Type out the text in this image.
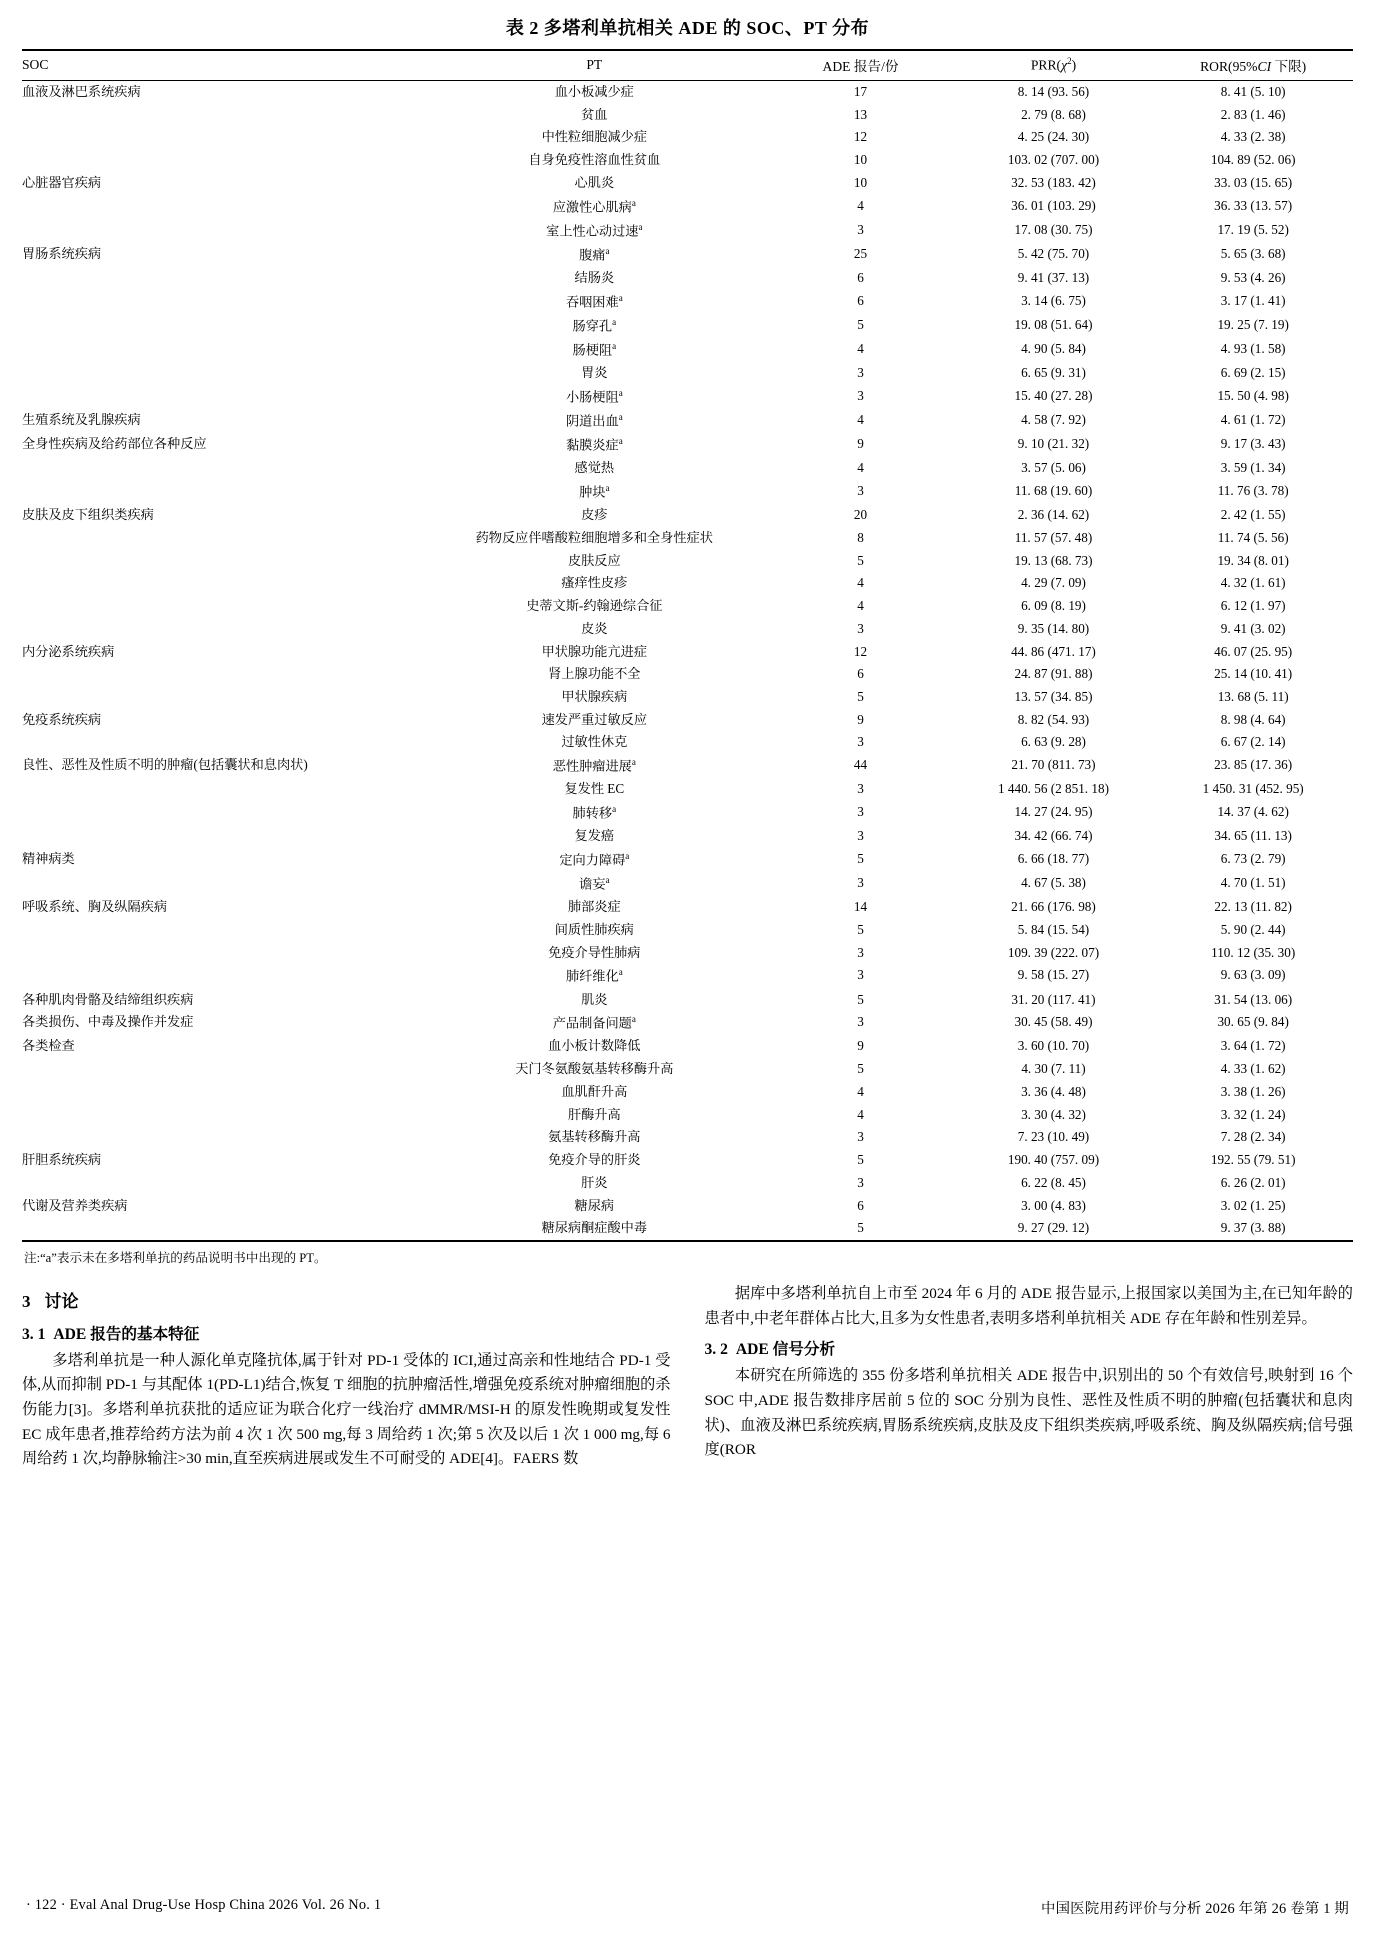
表 2 多塔利单抗相关 ADE 的 SOC、PT 分布
SOC	PT	ADE 报告/份	$PRR(\chi^2)$	ROR(95%CI 下限)
血液及淋巴系统疾病	血小板减少症	17	8. 14 (93. 56)	8. 41 (5. 10)
	贫血	13	2. 79 (8. 68)	2. 83 (1. 46)
	中性粒细胞减少症	12	4. 25 (24. 30)	4. 33 (2. 38)
	自身免疫性溶血性贫血	10	103. 02 (707. 00)	104. 89 (52. 06)
心脏器官疾病	心肌炎	10	32. 53 (183. 42)	33. 03 (15. 65)
	应激性心肌病$^a$	4	36. 01 (103. 29)	36. 33 (13. 57)
	室上性心动过速$^a$	3	17. 08 (30. 75)	17. 19 (5. 52)
胃肠系统疾病	腹痛$^a$	25	5. 42 (75. 70)	5. 65 (3. 68)
	结肠炎	6	9. 41 (37. 13)	9. 53 (4. 26)
	吞咽困难$^a$	6	3. 14 (6. 75)	3. 17 (1. 41)
	肠穿孔$^a$	5	19. 08 (51. 64)	19. 25 (7. 19)
	肠梗阻$^a$	4	4. 90 (5. 84)	4. 93 (1. 58)
	胃炎	3	6. 65 (9. 31)	6. 69 (2. 15)
	小肠梗阻$^a$	3	15. 40 (27. 28)	15. 50 (4. 98)
生殖系统及乳腺疾病	阴道出血$^a$	4	4. 58 (7. 92)	4. 61 (1. 72)
全身性疾病及给药部位各种反应	黏膜炎症$^a$	9	9. 10 (21. 32)	9. 17 (3. 43)
	感觉热	4	3. 57 (5. 06)	3. 59 (1. 34)
	肿块$^a$	3	11. 68 (19. 60)	11. 76 (3. 78)
皮肤及皮下组织类疾病	皮疹	20	2. 36 (14. 62)	2. 42 (1. 55)
	药物反应伴嗜酸粒细胞增多和全身性症状	8	11. 57 (57. 48)	11. 74 (5. 56)
	皮肤反应	5	19. 13 (68. 73)	19. 34 (8. 01)
	瘙痒性皮疹	4	4. 29 (7. 09)	4. 32 (1. 61)
	史蒂文斯-约翰逊综合征	4	6. 09 (8. 19)	6. 12 (1. 97)
	皮炎	3	9. 35 (14. 80)	9. 41 (3. 02)
内分泌系统疾病	甲状腺功能亢进症	12	44. 86 (471. 17)	46. 07 (25. 95)
	肾上腺功能不全	6	24. 87 (91. 88)	25. 14 (10. 41)
	甲状腺疾病	5	13. 57 (34. 85)	13. 68 (5. 11)
免疫系统疾病	速发严重过敏反应	9	8. 82 (54. 93)	8. 98 (4. 64)
	过敏性休克	3	6. 63 (9. 28)	6. 67 (2. 14)
良性、恶性及性质不明的肿瘤(包括囊状和息肉状)	恶性肿瘤进展$^a$	44	21. 70 (811. 73)	23. 85 (17. 36)
	复发性 EC	3	1 440. 56 (2 851. 18)	1 450. 31 (452. 95)
	肺转移$^a$	3	14. 27 (24. 95)	14. 37 (4. 62)
	复发癌	3	34. 42 (66. 74)	34. 65 (11. 13)
精神病类	定向力障碍$^a$	5	6. 66 (18. 77)	6. 73 (2. 79)
	谵妄$^a$	3	4. 67 (5. 38)	4. 70 (1. 51)
呼吸系统、胸及纵隔疾病	肺部炎症	14	21. 66 (176. 98)	22. 13 (11. 82)
	间质性肺疾病	5	5. 84 (15. 54)	5. 90 (2. 44)
	免疫介导性肺病	3	109. 39 (222. 07)	110. 12 (35. 30)
	肺纤维化$^a$	3	9. 58 (15. 27)	9. 63 (3. 09)
各种肌肉骨骼及结缔组织疾病	肌炎	5	31. 20 (117. 41)	31. 54 (13. 06)
各类损伤、中毒及操作并发症	产品制备问题$^a$	3	30. 45 (58. 49)	30. 65 (9. 84)
各类检查	血小板计数降低	9	3. 60 (10. 70)	3. 64 (1. 72)
	天门冬氨酸氨基转移酶升高	5	4. 30 (7. 11)	4. 33 (1. 62)
	血肌酐升高	4	3. 36 (4. 48)	3. 38 (1. 26)
	肝酶升高	4	3. 30 (4. 32)	3. 32 (1. 24)
	氨基转移酶升高	3	7. 23 (10. 49)	7. 28 (2. 34)
肝胆系统疾病	免疫介导的肝炎	5	190. 40 (757. 09)	192. 55 (79. 51)
	肝炎	3	6. 22 (8. 45)	6. 26 (2. 01)
代谢及营养类疾病	糖尿病	6	3. 00 (4. 83)	3. 02 (1. 25)
	糖尿病酮症酸中毒	5	9. 27 (29. 12)	9. 37 (3. 88)
注:“a”表示未在多塔利单抗的药品说明书中出现的 PT。
3 讨论
3. 1 ADE 报告的基本特征

多塔利单抗是一种人源化单克隆抗体,属于针对 PD-1 受体的 ICI,通过高亲和性地结合 PD-1 受体,从而抑制 PD-1 与其配体 1(PD-L1)结合,恢复 T 细胞的抗肿瘤活性,增强免疫系统对肿瘤细胞的杀伤能力[3]。多塔利单抗获批的适应证为联合化疗一线治疗 dMMR/MSI-H 的原发性晚期或复发性 EC 成年患者,推荐给药方法为前 4 次 1 次 500 mg,每 3 周给药 1 次;第 5 次及以后 1 次 1 000 mg,每 6 周给药 1 次,均静脉输注>30 min,直至疾病进展或发生不可耐受的 ADE[4]。FAERS 数

据库中多塔利单抗自上市至 2024 年 6 月的 ADE 报告显示,上报国家以美国为主,在已知年龄的患者中,中老年群体占比大,且多为女性患者,表明多塔利单抗相关 ADE 存在年龄和性别差异。

3. 2 ADE 信号分析

本研究在所筛选的 355 份多塔利单抗相关 ADE 报告中,识别出的 50 个有效信号,映射到 16 个 SOC 中,ADE 报告数排序居前 5 位的 SOC 分别为良性、恶性及性质不明的肿瘤(包括囊状和息肉状)、血液及淋巴系统疾病,胃肠系统疾病,皮肤及皮下组织类疾病,呼吸系统、胸及纵隔疾病;信号强度(ROR

· 122 · Eval Anal Drug-Use Hosp China 2026 Vol. 26 No. 1	中国医院用药评价与分析 2026 年第 26 卷第 1 期
